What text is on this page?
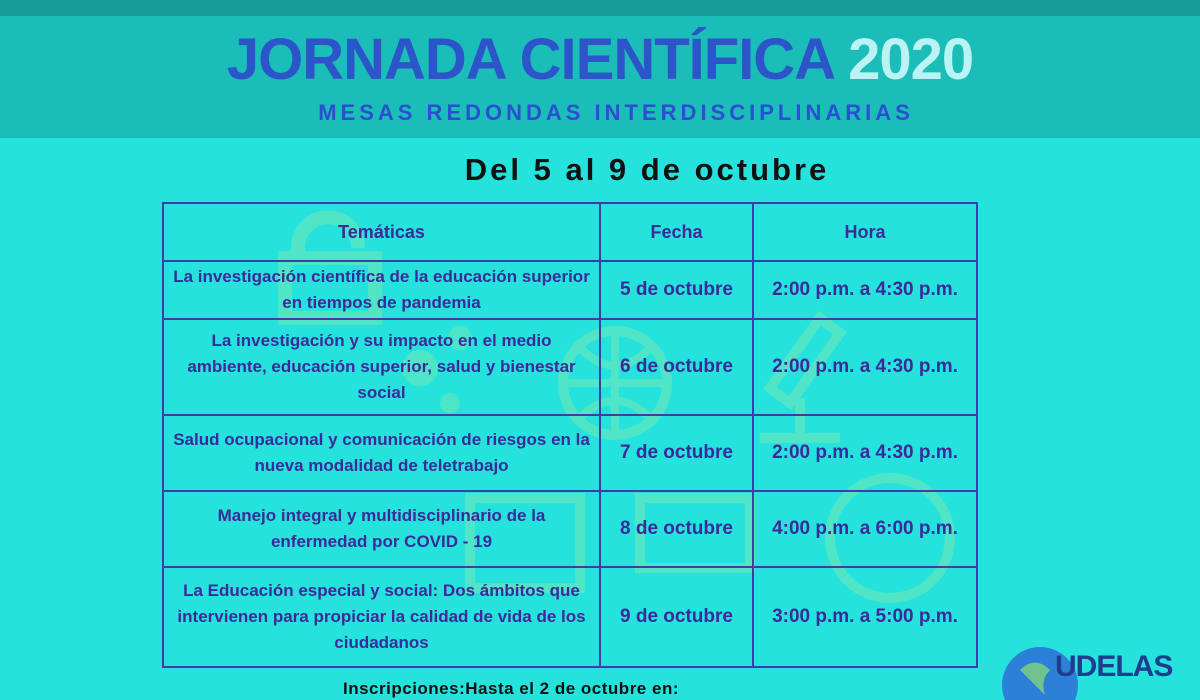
JORNADA CIENTÍFICA 2020
MESAS REDONDAS INTERDISCIPLINARIAS
Del 5 al 9 de octubre
Temáticas	Fecha	Hora
La investigación científica de la educación superior en tiempos de pandemia	5 de octubre	2:00 p.m. a 4:30 p.m.
La investigación y su impacto en el medio ambiente, educación superior, salud y bienestar social	6 de octubre	2:00 p.m. a 4:30 p.m.
Salud ocupacional y comunicación de riesgos en la nueva modalidad de teletrabajo	7 de octubre	2:00 p.m. a 4:30 p.m.
Manejo integral y multidisciplinario de la enfermedad por COVID - 19	8 de octubre	4:00 p.m. a 6:00 p.m.
La Educación especial y social: Dos ámbitos que intervienen para propiciar la calidad de vida de los ciudadanos	9 de octubre	3:00 p.m. a 5:00 p.m.
Inscripciones:Hasta el 2 de octubre en:
UDELAS
